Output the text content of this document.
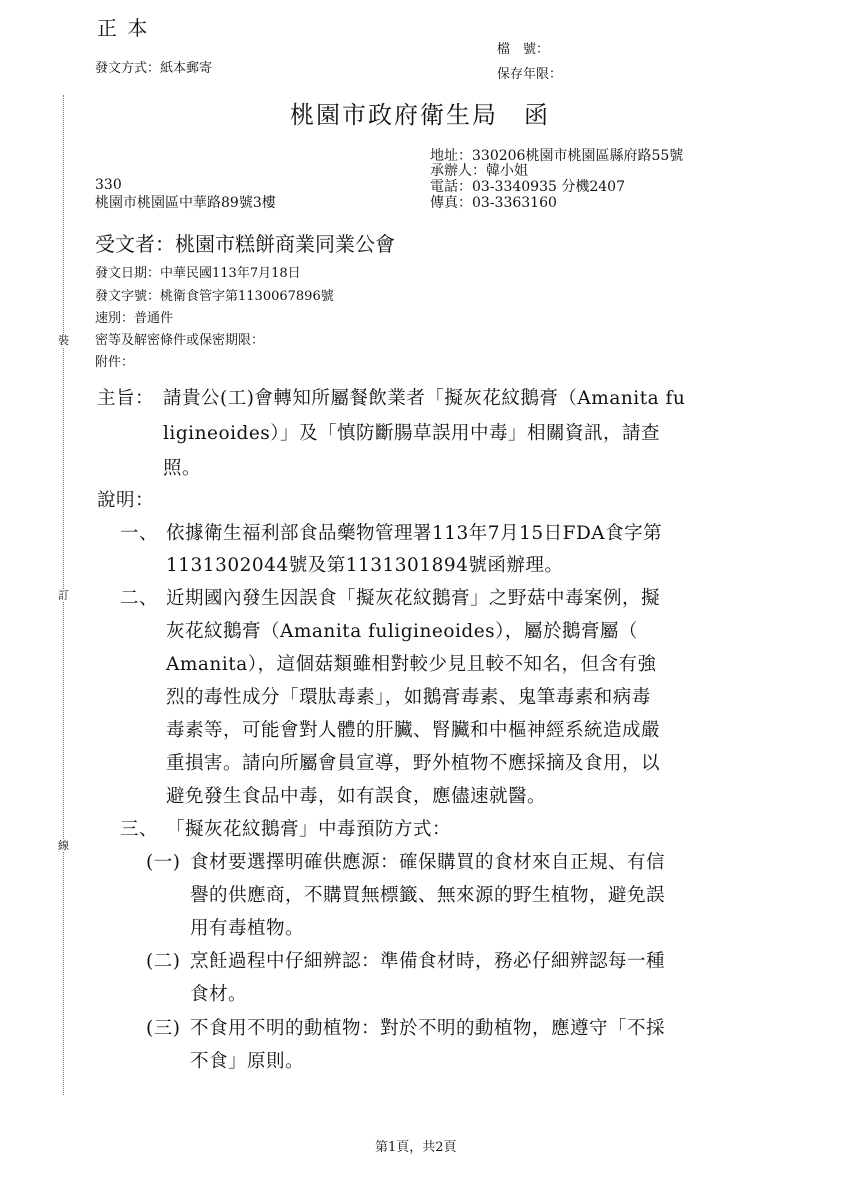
正 本
發文方式：紙本郵寄
檔　號：
保存年限：
裝
訂
線
桃園市政府衛生局　函
地址：330206桃園市桃園區縣府路55號
承辦人：韓小姐
電話：03-3340935 分機2407
傳真：03-3363160
330
桃園市桃園區中華路89號3樓
受文者：桃園市糕餅商業同業公會
發文日期：中華民國113年7月18日
發文字號：桃衛食管字第1130067896號
速別：普通件
密等及解密條件或保密期限：
附件：
主旨： 請貴公(工)會轉知所屬餐飲業者「擬灰花紋鵝膏（Amanita fu
ligineoides）」及「慎防斷腸草誤用中毒」相關資訊，請查
照。
說明：
一、 依據衛生福利部食品藥物管理署113年7月15日FDA食字第
1131302044號及第1131301894號函辦理。
二、 近期國內發生因誤食「擬灰花紋鵝膏」之野菇中毒案例，擬
灰花紋鵝膏（Amanita fuligineoides），屬於鵝膏屬（
Amanita），這個菇類雖相對較少見且較不知名，但含有強
烈的毒性成分「環肽毒素」，如鵝膏毒素、鬼筆毒素和病毒
毒素等，可能會對人體的肝臟、腎臟和中樞神經系統造成嚴
重損害。請向所屬會員宣導，野外植物不應採摘及食用，以
避免發生食品中毒，如有誤食，應儘速就醫。
三、 「擬灰花紋鵝膏」中毒預防方式：
(一) 食材要選擇明確供應源：確保購買的食材來自正規、有信
譽的供應商，不購買無標籤、無來源的野生植物，避免誤
用有毒植物。
(二) 烹飪過程中仔細辨認：準備食材時，務必仔細辨認每一種
食材。
(三) 不食用不明的動植物：對於不明的動植物，應遵守「不採
不食」原則。
第1頁，共2頁
